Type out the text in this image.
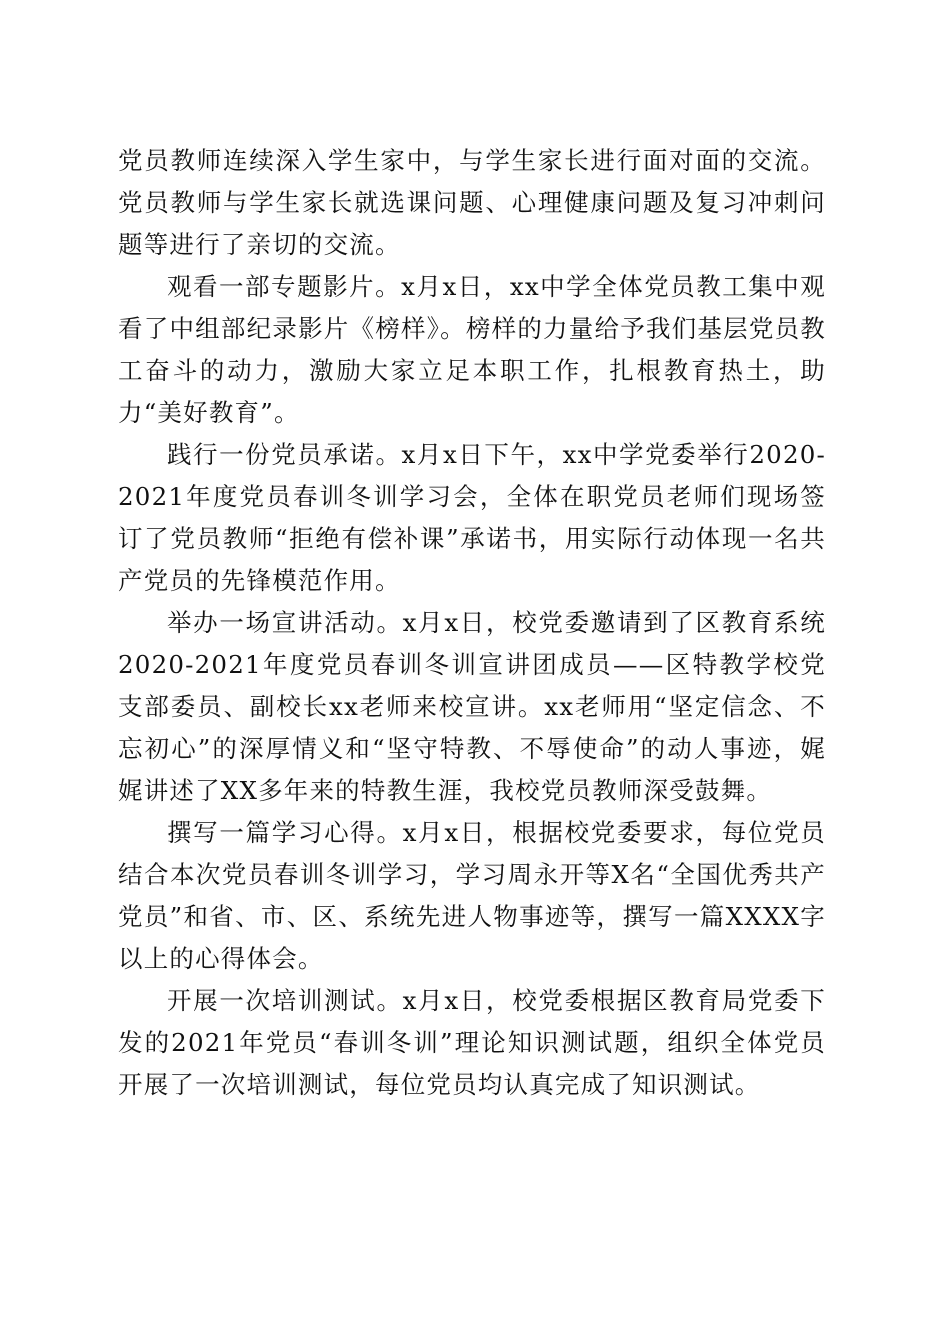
党员教师连续深入学生家中，与学生家长进行面对面的交流。党员教师与学生家长就选课问题、心理健康问题及复习冲刺问题等进行了亲切的交流。

观看一部专题影片。x月x日，xx中学全体党员教工集中观看了中组部纪录影片《榜样》。榜样的力量给予我们基层党员教工奋斗的动力，激励大家立足本职工作，扎根教育热土，助力“美好教育”。

践行一份党员承诺。x月x日下午，xx中学党委举行2020-2021年度党员春训冬训学习会，全体在职党员老师们现场签订了党员教师“拒绝有偿补课”承诺书，用实际行动体现一名共产党员的先锋模范作用。

举办一场宣讲活动。x月x日，校党委邀请到了区教育系统2020-2021年度党员春训冬训宣讲团成员——区特教学校党支部委员、副校长xx老师来校宣讲。xx老师用“坚定信念、不忘初心”的深厚情义和“坚守特教、不辱使命”的动人事迹，娓娓讲述了XX多年来的特教生涯，我校党员教师深受鼓舞。

撰写一篇学习心得。x月x日，根据校党委要求，每位党员结合本次党员春训冬训学习，学习周永开等X名“全国优秀共产党员”和省、市、区、系统先进人物事迹等，撰写一篇XXXX字以上的心得体会。

开展一次培训测试。x月x日，校党委根据区教育局党委下发的2021年党员“春训冬训”理论知识测试题，组织全体党员开展了一次培训测试，每位党员均认真完成了知识测试。
